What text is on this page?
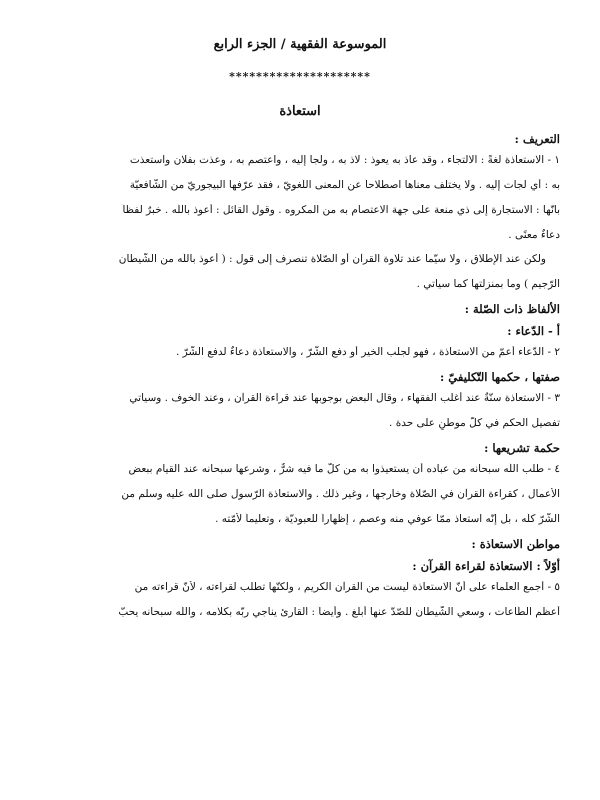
الموسوعة الفقهية / الجزء الرابع
*********************
استعاذة

التعريف :

١ - الاستعاذة لغةً : الالتجاء ، وقد عاذ به يعوذ : لاذ به ، ولجأ إليه ، واعتصم به ، وعذت بفلان واستعذت

به : أي لجأت إليه . ولا يختلف معناها اصطلاحاً عن المعنى اللّغويّ ، فقد عرّفها البيجوريّ من الشّافعيّة

بأنّها : الاستجارة إلى ذي منعة على جهة الاعتصام به من المكروه . وقول القائل : أعوذ باللّه . خبرٌ لفظاً

دعاءٌ معنًى .

ولكن عند الإطلاق ، ولا سيّما عند تلاوة القرآن أو الصّلاة تنصرف إلى قول : ( أعوذ باللّه من الشّيطان

الرّجيم ) وما بمنزلتها كما سيأتي .

الألفاظ ذات الصّلة :

أ - الدّعاء :

٢ - الدّعاء أعمّ من الاستعاذة ، فهو لجلب الخير أو دفع الشّرّ ، والاستعاذة دعاءٌ لدفع الشّرّ .

صفتها ، حكمها التّكليفيّ :

٣ - الاستعاذة سنّةٌ عند أغلب الفقهاء ، وقال البعض بوجوبها عند قراءة القرآن ، وعند الخوف . وسيأتي

تفصيل الحكم في كلّ موطنٍ على حدة .

حكمة تشريعها :

٤ - طلب اللّه سبحانه من عباده أن يستعيذوا به من كلّ ما فيه شرٌّ ، وشرعها سبحانه عند القيام ببعض

الأعمال ، كقراءة القرآن في الصّلاة وخارجها ، وغير ذلك . والاستعاذة الرّسول صلى الله عليه وسلم من

الشّرّ كلّه ، بل إنّه استعاذ ممّا عوفي منه وعصم ، إظهاراً للعبوديّة ، وتعليماً لأمّته .

مواطن الاستعاذة :

أوّلاً : الاستعاذة لقراءة القرآن :

٥ - أجمع العلماء على أنّ الاستعاذة ليست من القرآن الكريم ، ولكنّها تطلب لقراءته ، لأنّ قراءته من

أعظم الطّاعات ، وسعي الشّيطان للصّدّ عنها أبلغ . وأيضاً : القارئ يناجي ربّه بكلامه ، واللّه سبحانه يحبّ
